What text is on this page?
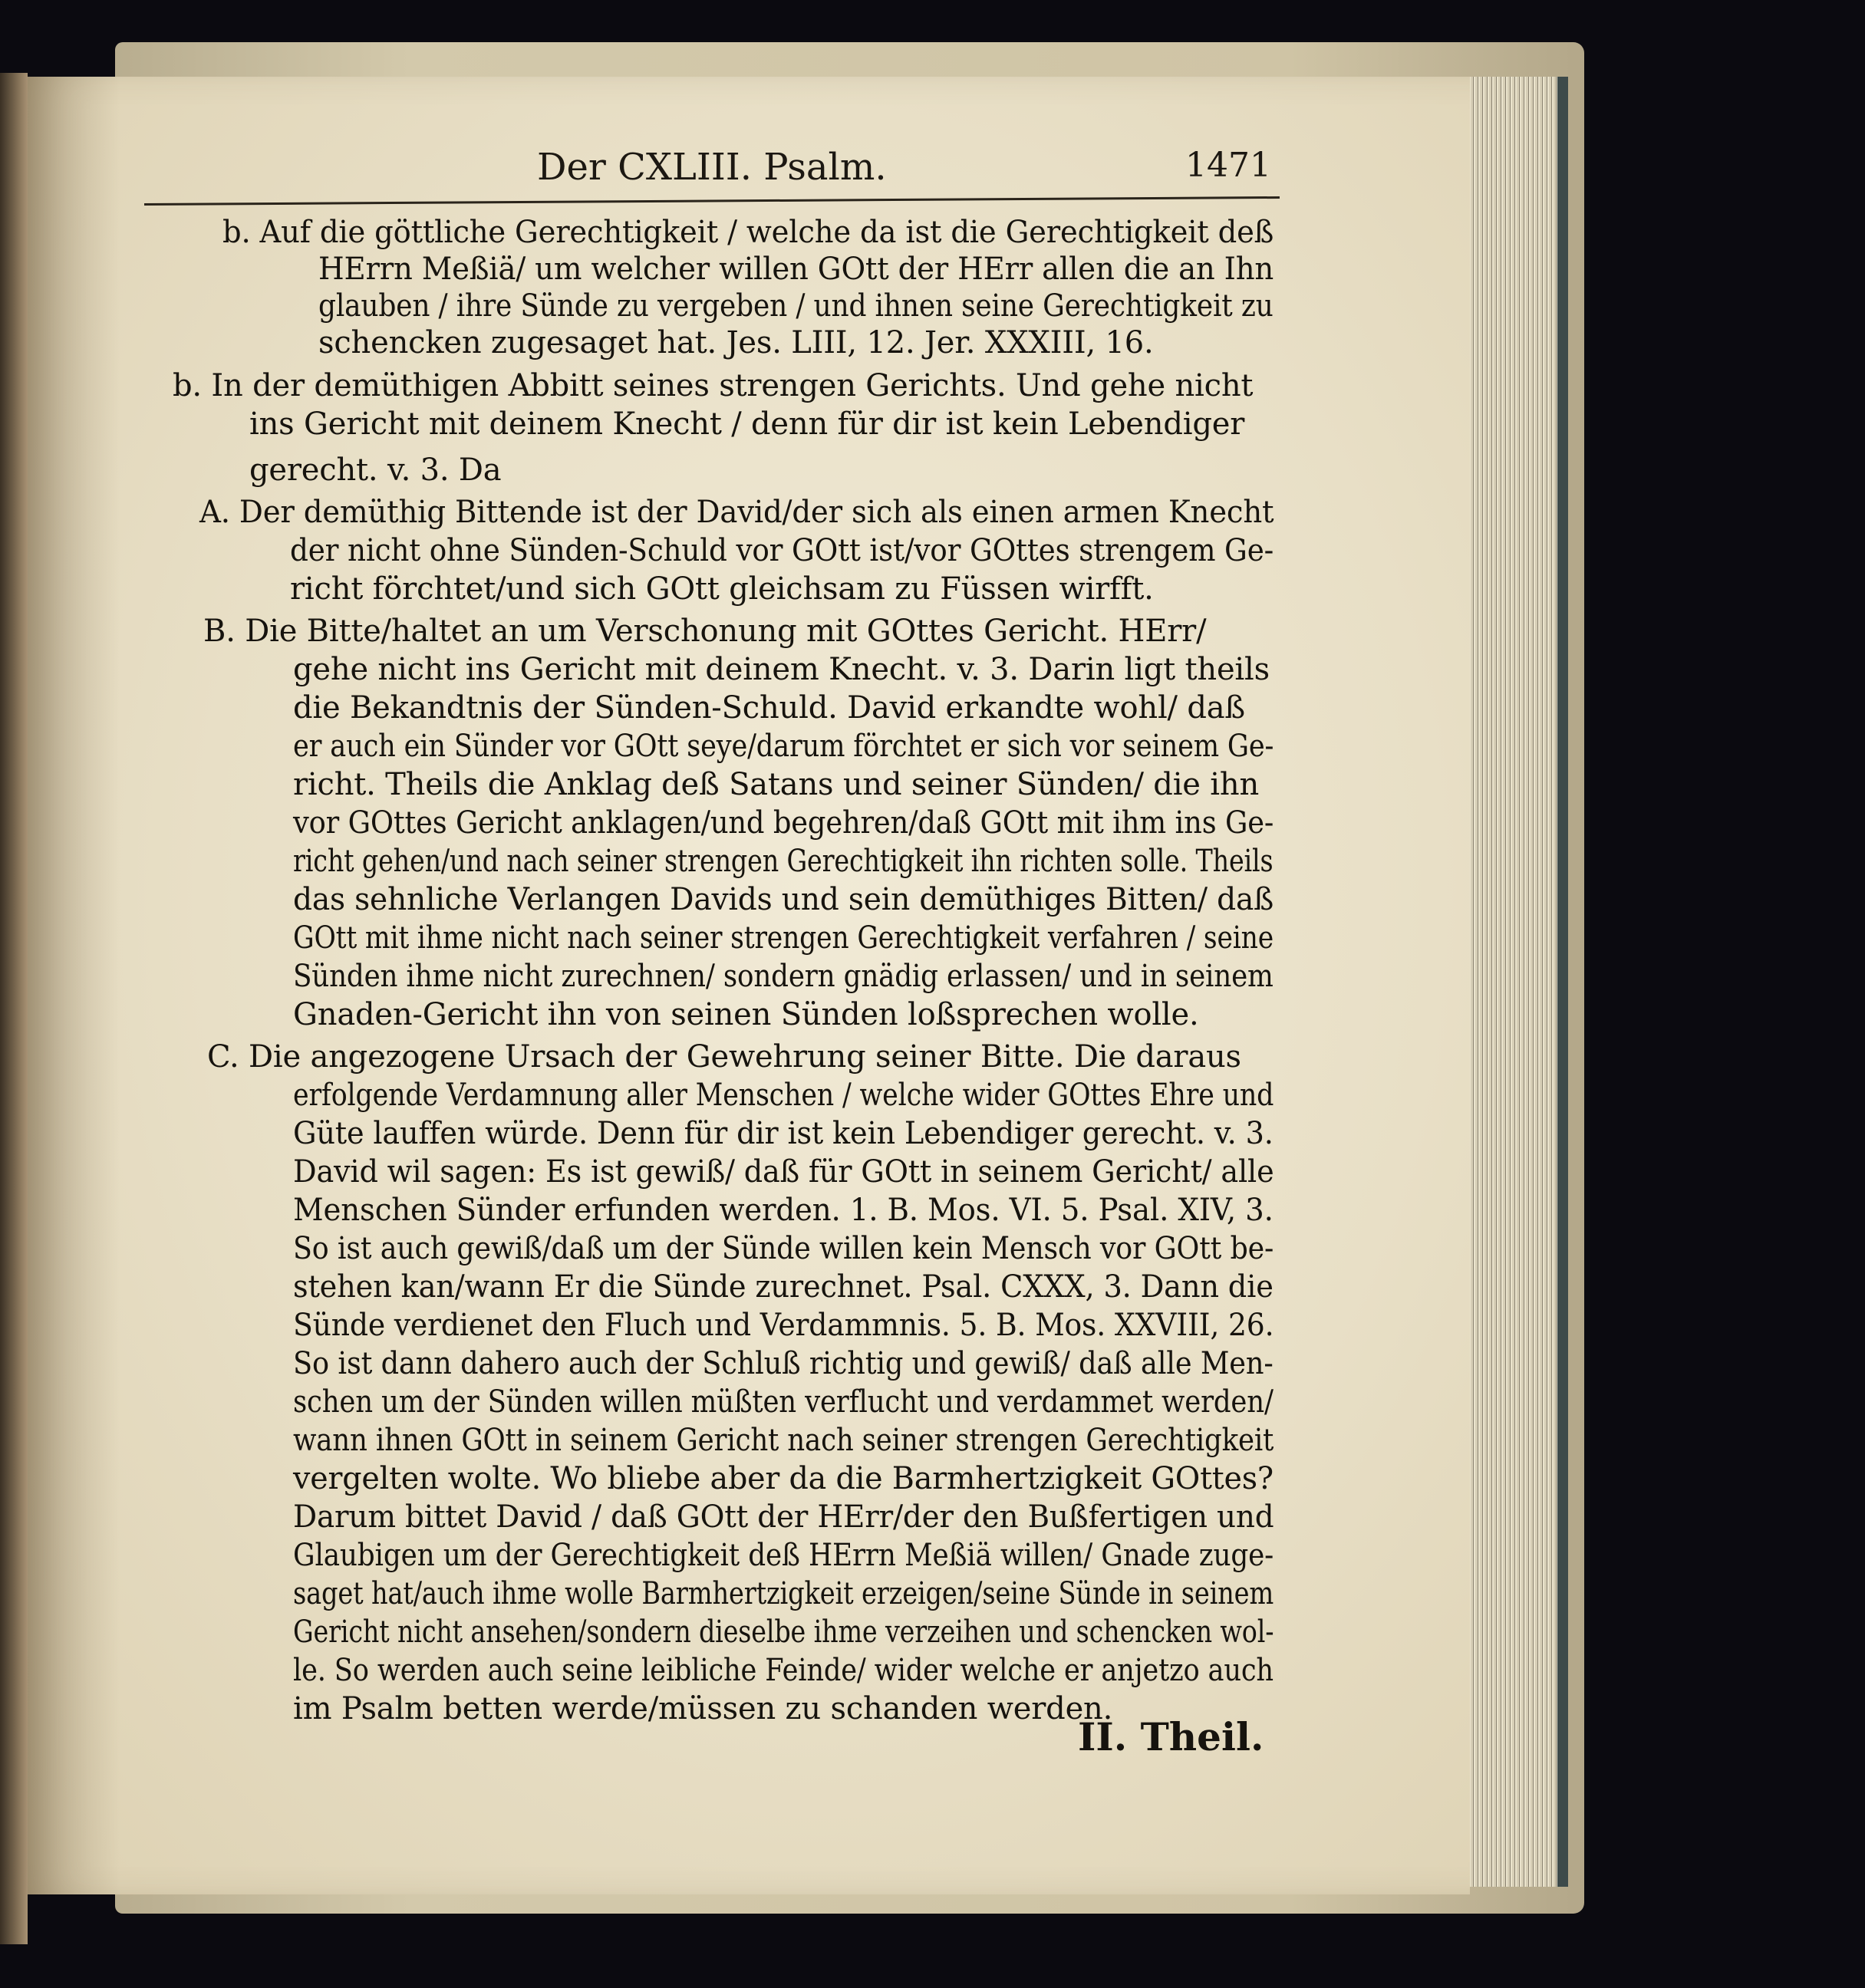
Der CXLIII. Psalm.	1471
b. Auf die göttliche Gerechtigkeit / welche da ist die Gerechtigkeit deß
HErrn Meßiä/ um welcher willen GOtt der HErr allen die an Ihn
glauben / ihre Sünde zu vergeben / und ihnen seine Gerechtigkeit zu
schencken zugesaget hat. Jes. LIII, 12. Jer. XXXIII, 16.
b. In der demüthigen Abbitt seines strengen Gerichts. Und gehe nicht
ins Gericht mit deinem Knecht / denn für dir ist kein Lebendiger
gerecht. v. 3. Da
A. Der demüthig Bittende ist der David/der sich als einen armen Knecht
der nicht ohne Sünden-Schuld vor GOtt ist/vor GOttes strengem Ge-
richt förchtet/und sich GOtt gleichsam zu Füssen wirfft.
B. Die Bitte/haltet an um Verschonung mit GOttes Gericht. HErr/
gehe nicht ins Gericht mit deinem Knecht. v. 3. Darin ligt theils
die Bekandtnis der Sünden-Schuld. David erkandte wohl/ daß
er auch ein Sünder vor GOtt seye/darum förchtet er sich vor seinem Ge-
richt. Theils die Anklag deß Satans und seiner Sünden/ die ihn
vor GOttes Gericht anklagen/und begehren/daß GOtt mit ihm ins Ge-
richt gehen/und nach seiner strengen Gerechtigkeit ihn richten solle. Theils
das sehnliche Verlangen Davids und sein demüthiges Bitten/ daß
GOtt mit ihme nicht nach seiner strengen Gerechtigkeit verfahren / seine
Sünden ihme nicht zurechnen/ sondern gnädig erlassen/ und in seinem
Gnaden-Gericht ihn von seinen Sünden loßsprechen wolle.
C. Die angezogene Ursach der Gewehrung seiner Bitte. Die daraus
erfolgende Verdamnung aller Menschen / welche wider GOttes Ehre und
Güte lauffen würde. Denn für dir ist kein Lebendiger gerecht. v. 3.
David wil sagen: Es ist gewiß/ daß für GOtt in seinem Gericht/ alle
Menschen Sünder erfunden werden. 1. B. Mos. VI. 5. Psal. XIV, 3.
So ist auch gewiß/daß um der Sünde willen kein Mensch vor GOtt be-
stehen kan/wann Er die Sünde zurechnet. Psal. CXXX, 3. Dann die
Sünde verdienet den Fluch und Verdammnis. 5. B. Mos. XXVIII, 26.
So ist dann dahero auch der Schluß richtig und gewiß/ daß alle Men-
schen um der Sünden willen müßten verflucht und verdammet werden/
wann ihnen GOtt in seinem Gericht nach seiner strengen Gerechtigkeit
vergelten wolte. Wo bliebe aber da die Barmhertzigkeit GOttes?
Darum bittet David / daß GOtt der HErr/der den Bußfertigen und
Glaubigen um der Gerechtigkeit deß HErrn Meßiä willen/ Gnade zuge-
saget hat/auch ihme wolle Barmhertzigkeit erzeigen/seine Sünde in seinem
Gericht nicht ansehen/sondern dieselbe ihme verzeihen und schencken wol-
le. So werden auch seine leibliche Feinde/ wider welche er anjetzo auch
im Psalm betten werde/müssen zu schanden werden.
II. Theil.
